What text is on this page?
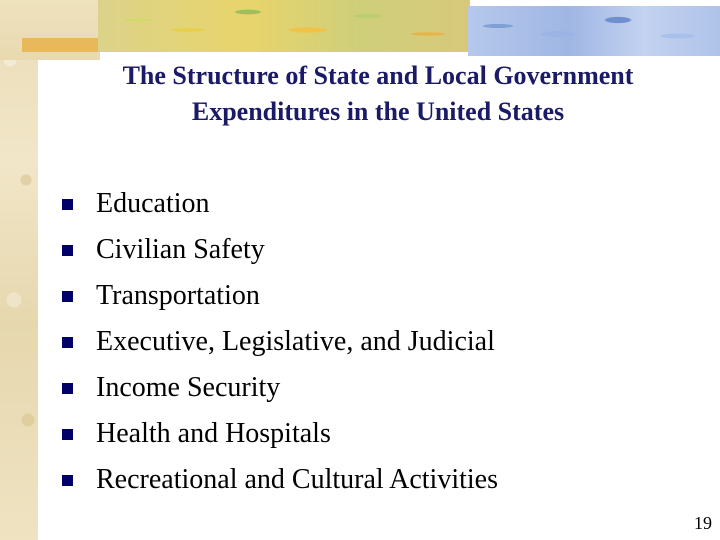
The Structure of State and Local Government
Expenditures in the United States
Education
Civilian Safety
Transportation
Executive, Legislative, and Judicial
Income Security
Health and Hospitals
Recreational and Cultural Activities
19
